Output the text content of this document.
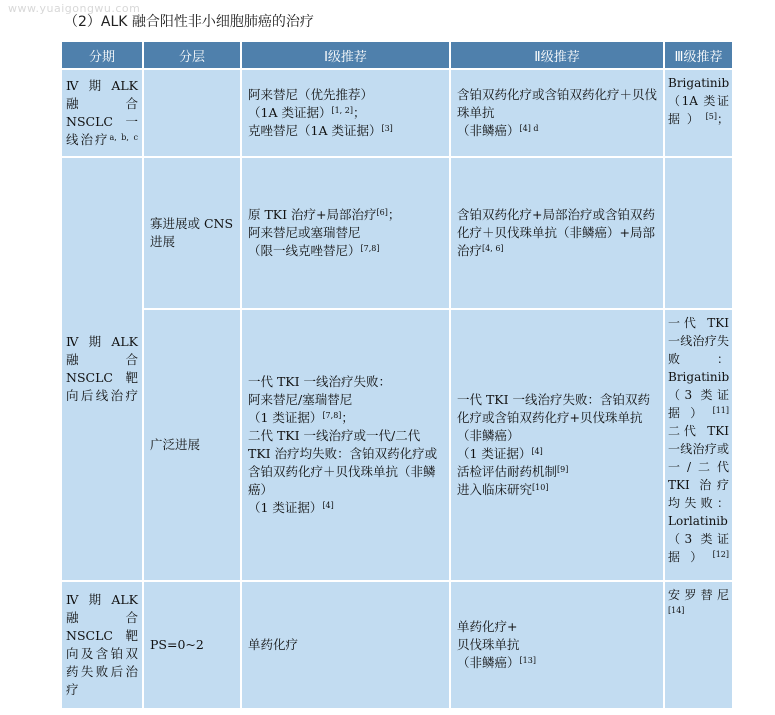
www.yuaigongwu.com
（2）ALK 融合阳性非小细胞肺癌的治疗
分期	分层	Ⅰ级推荐	Ⅱ级推荐	Ⅲ级推荐
Ⅳ 期 ALK 融 合 NSCLC 一 线治疗$^{a, b, c}$		阿来替尼（优先推荐）
（1A 类证据）[1, 2]；
克唑替尼（1A 类证据）[3]	含铂双药化疗或含铂双药化疗＋贝伐珠单抗
（非鳞癌）$^{[4] d}$	Brigatinib （1A 类证据）[5]；
Ⅳ 期 ALK 融 合 NSCLC 靶向后线治疗	寡进展或 CNS 进展	原 TKI 治疗+局部治疗[6]；
阿来替尼或塞瑞替尼
（限一线克唑替尼）[7,8]	含铂双药化疗+局部治疗或含铂双药化疗＋贝伐珠单抗（非鳞癌）+局部治疗[4, 6]

	广泛进展	一代 TKI 一线治疗失败：
阿来替尼/塞瑞替尼
（1 类证据）[7,8]；
二代 TKI 一线治疗或一代/二代 TKI 治疗均失败：含铂双药化疗或含铂双药化疗＋贝伐珠单抗（非鳞癌）
（1 类证据）[4]	一代 TKI 一线治疗失败：含铂双药化疗或含铂双药化疗+贝伐珠单抗（非鳞癌）
（1 类证据）[4]
活检评估耐药机制[9]
进入临床研究[10]	一代 TKI 一线治疗失败：Brigatinib （3 类证据）[11]
二代 TKI 一线治疗或一/二代 TKI 治疗均失败：Lorlatinib （3 类证据）[12]
Ⅳ 期 ALK 融 合 NSCLC 靶 向及含铂双药失败后治疗	PS=0~2	单药化疗	单药化疗+
贝伐珠单抗
（非鳞癌）[13]	安罗替尼[14]
